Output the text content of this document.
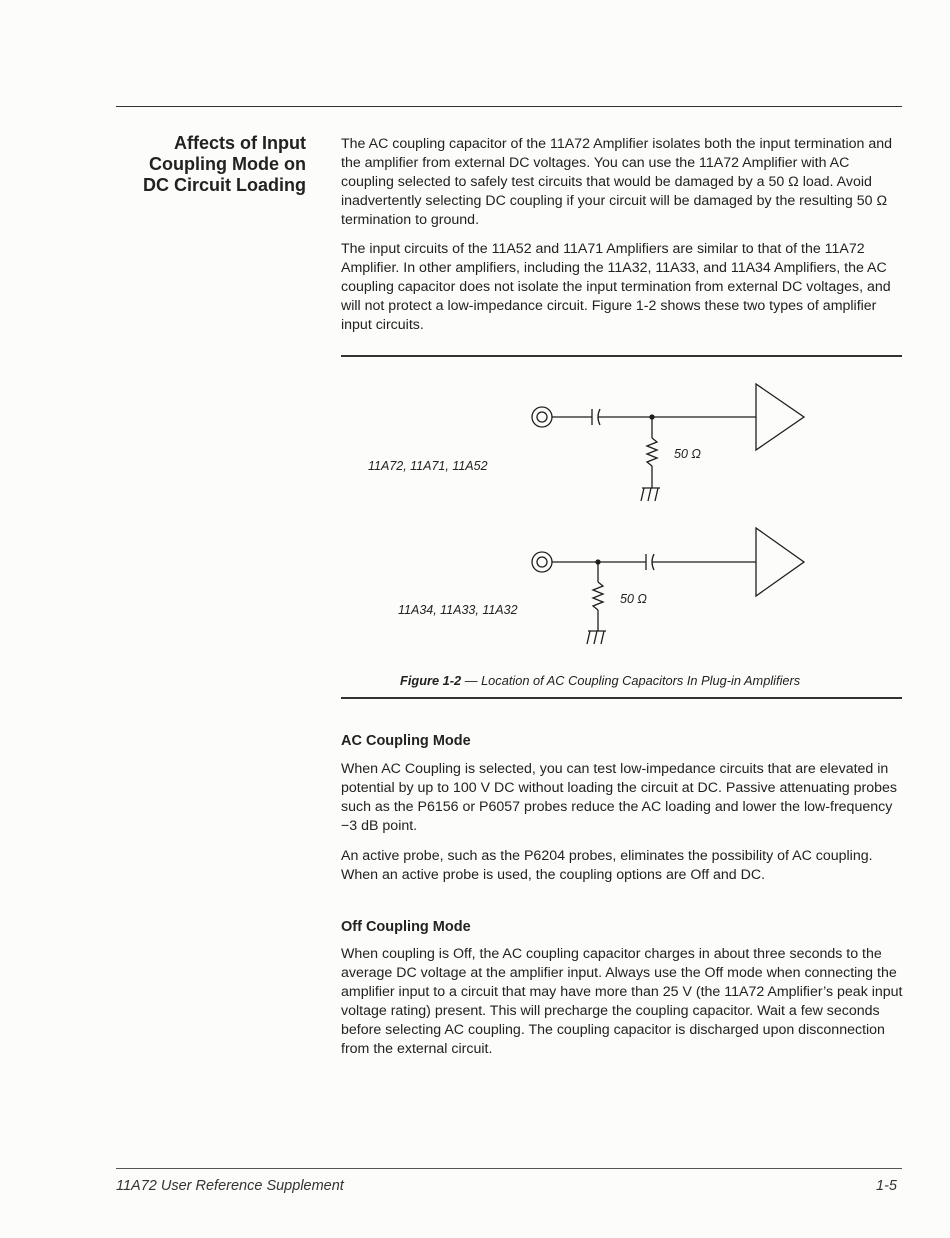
Affects of Input
Coupling Mode on
DC Circuit Loading

The AC coupling capacitor of the 11A72 Amplifier isolates both the input termination and the amplifier from external DC voltages. You can use the 11A72 Amplifier with AC coupling selected to safely test circuits that would be damaged by a 50 Ω load. Avoid inadvertently selecting DC coupling if your circuit will be damaged by the resulting 50 Ω termination to ground.

The input circuits of the 11A52 and 11A71 Amplifiers are similar to that of the 11A72 Amplifier. In other amplifiers, including the 11A32, 11A33, and 11A34 Amplifiers, the AC coupling capacitor does not isolate the input termination from external DC voltages, and will not protect a low-impedance circuit. Figure 1-2 shows these two types of amplifier input circuits.

11A72, 11A71, 11A52
11A34, 11A33, 11A32
50 Ω
50 Ω
Figure 1-2 — Location of AC Coupling Capacitors In Plug-in Amplifiers
AC Coupling Mode

When AC Coupling is selected, you can test low-impedance circuits that are elevated in potential by up to 100 V DC without loading the circuit at DC. Passive attenuating probes such as the P6156 or P6057 probes reduce the AC loading and lower the low-frequency −3 dB point.

An active probe, such as the P6204 probes, eliminates the possibility of AC coupling. When an active probe is used, the coupling options are Off and DC.

Off Coupling Mode

When coupling is Off, the AC coupling capacitor charges in about three seconds to the average DC voltage at the amplifier input. Always use the Off mode when connecting the amplifier input to a circuit that may have more than 25 V (the 11A72 Amplifier’s peak input voltage rating) present. This will precharge the coupling capacitor. Wait a few seconds before selecting AC coupling. The coupling capacitor is discharged upon disconnection from the external circuit.

11A72 User Reference Supplement	1-5
